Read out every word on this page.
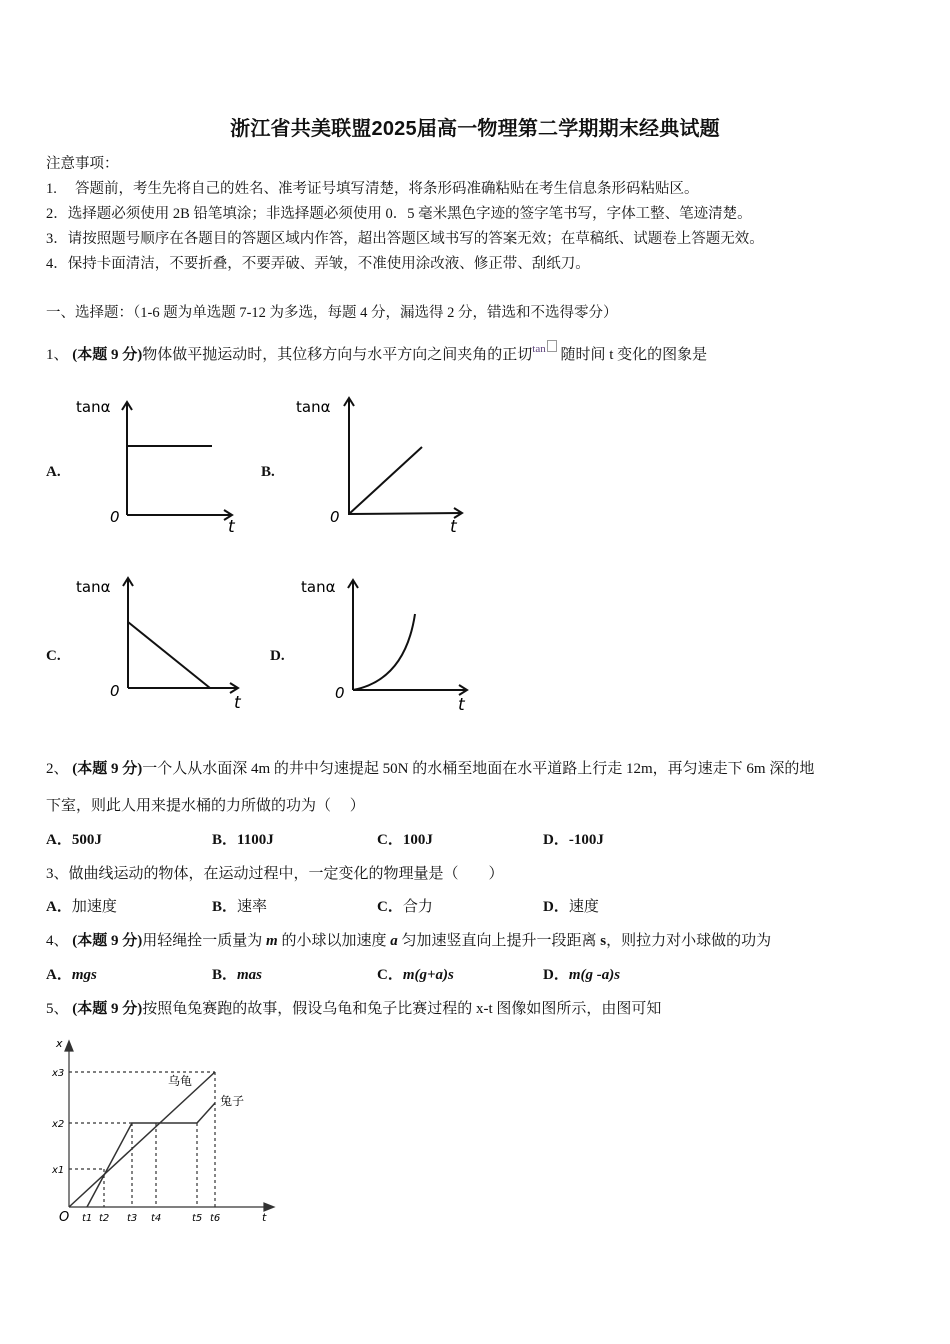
浙江省共美联盟2025届高一物理第二学期期末经典试题
注意事项：
1.　 答题前，考生先将自己的姓名、准考证号填写清楚，将条形码准确粘贴在考生信息条形码粘贴区。
2．选择题必须使用 2B 铅笔填涂；非选择题必须使用 0．5 毫米黑色字迹的签字笔书写，字体工整、笔迹清楚。
3．请按照题号顺序在各题目的答题区域内作答，超出答题区域书写的答案无效；在草稿纸、试题卷上答题无效。
4．保持卡面清洁，不要折叠，不要弄破、弄皱，不准使用涂改液、修正带、刮纸刀。
一、选择题：（1-6 题为单选题 7-12 为多选，每题 4 分，漏选得 2 分，错选和不选得零分）
1、 (本题 9 分)物体做平抛运动时，其位移方向与水平方向之间夹角的正切$^{tan}$ 随时间 t 变化的图象是
A.
tanα
0	t
B.
tanα
0	t
C.
tanα
0
t
D.
tanα
0
t
2、 (本题 9 分)一个人从水面深 4m 的井中匀速提起 50N 的水桶至地面在水平道路上行走 12m，再匀速走下 6m 深的地
下室，则此人用来提水桶的力所做的功为（　 ）
A．500J	B．1100J	C．100J	D．-100J
3、做曲线运动的物体，在运动过程中，一定变化的物理量是（　　）
A．加速度	B．速率	C．合力	D．速度
4、 (本题 9 分)用轻绳拴一质量为 m 的小球以加速度 a 匀加速竖直向上提升一段距离 s，则拉力对小球做的功为
A．mgs	B．mas	C．m(g+a)s	D．m(g -a)s
5、 (本题 9 分)按照龟兔赛跑的故事，假设乌龟和兔子比赛过程的 x-t 图像如图所示，由图可知
x
x3
x2
x1
O t1 t2 t3 t4	t5 t6	t
乌龟
兔子
